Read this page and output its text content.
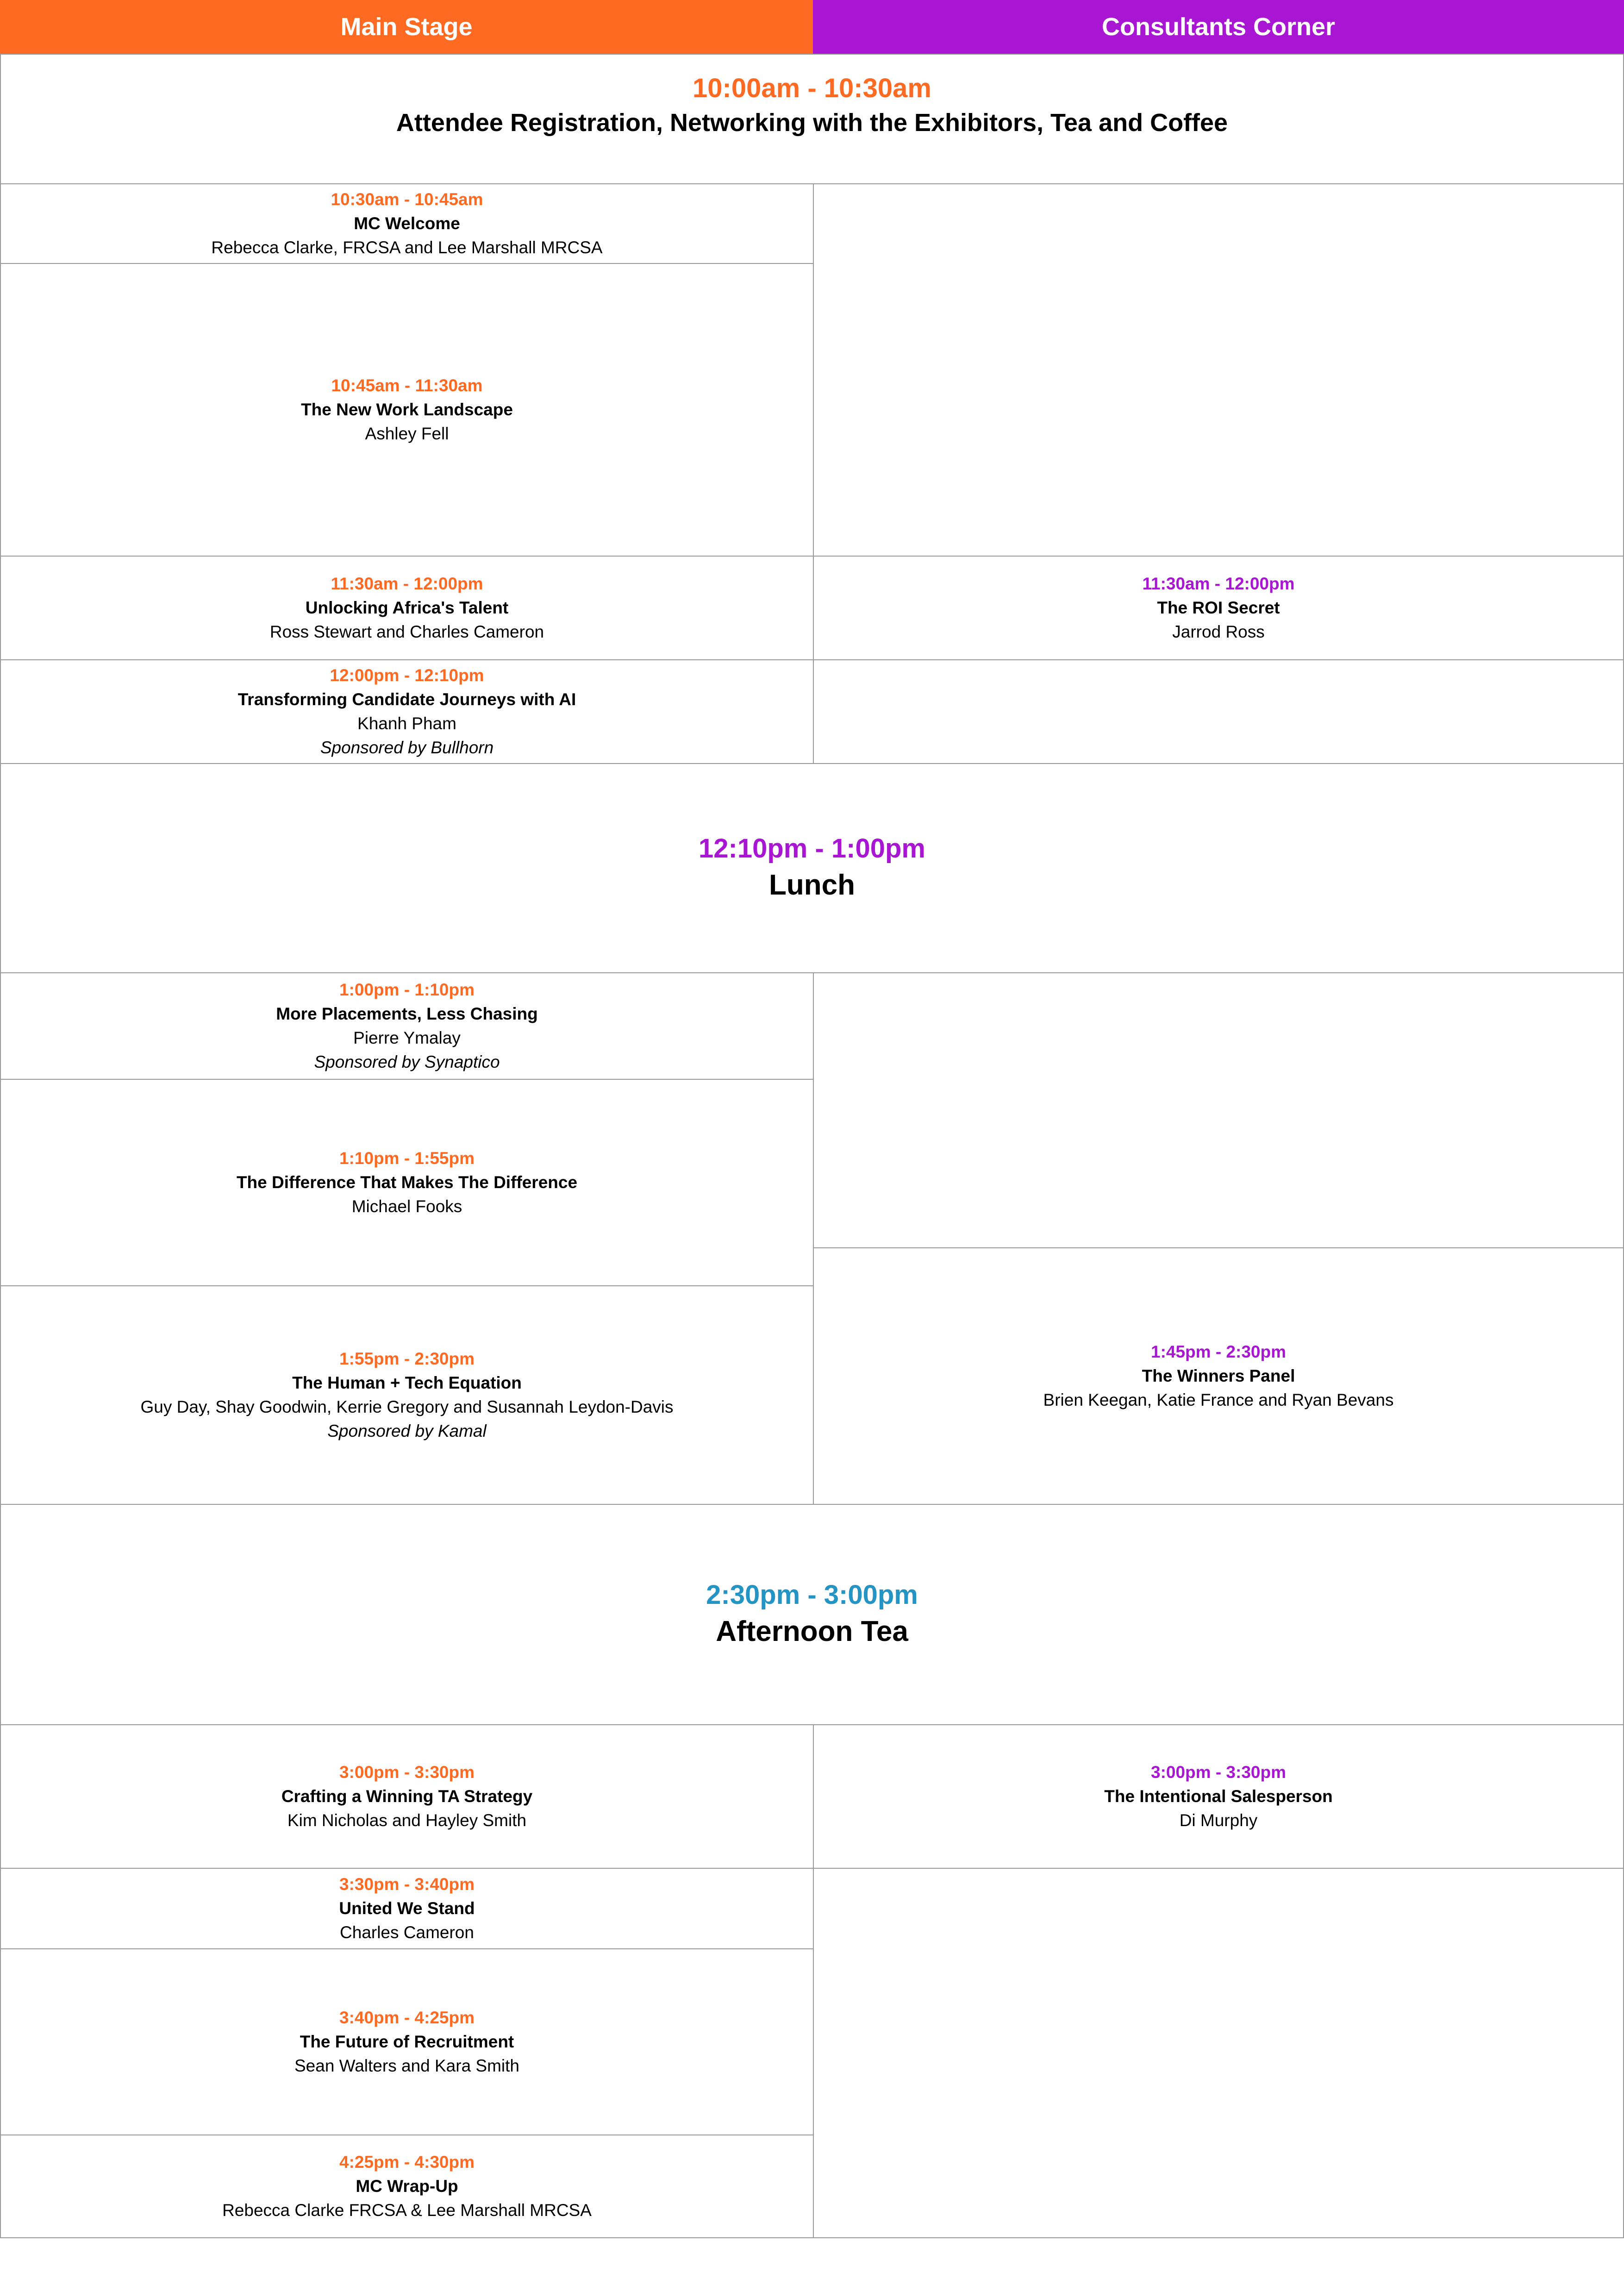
Main Stage	Consultants Corner
10:00am - 10:30am
Attendee Registration, Networking with the Exhibitors, Tea and Coffee
10:30am - 10:45am
MC Welcome
Rebecca Clarke, FRCSA and Lee Marshall MRCSA
10:45am - 11:30am
The New Work Landscape
Ashley Fell
11:30am - 12:00pm
Unlocking Africa's Talent
Ross Stewart and Charles Cameron
12:00pm - 12:10pm
Transforming Candidate Journeys with AI
Khanh Pham
Sponsored by Bullhorn
11:30am - 12:00pm
The ROI Secret
Jarrod Ross
12:10pm - 1:00pm
Lunch
1:00pm - 1:10pm
More Placements, Less Chasing
Pierre Ymalay
Sponsored by Synaptico
1:10pm - 1:55pm
The Difference That Makes The Difference
Michael Fooks
1:55pm - 2:30pm
The Human + Tech Equation
Guy Day, Shay Goodwin, Kerrie Gregory and Susannah Leydon-Davis
Sponsored by Kamal
1:45pm - 2:30pm
The Winners Panel
Brien Keegan, Katie France and Ryan Bevans
2:30pm - 3:00pm
Afternoon Tea
3:00pm - 3:30pm
Crafting a Winning TA Strategy
Kim Nicholas and Hayley Smith
3:30pm - 3:40pm
United We Stand
Charles Cameron
3:40pm - 4:25pm
The Future of Recruitment
Sean Walters and Kara Smith
4:25pm - 4:30pm
MC Wrap-Up
Rebecca Clarke FRCSA & Lee Marshall MRCSA
3:00pm - 3:30pm
The Intentional Salesperson
Di Murphy
